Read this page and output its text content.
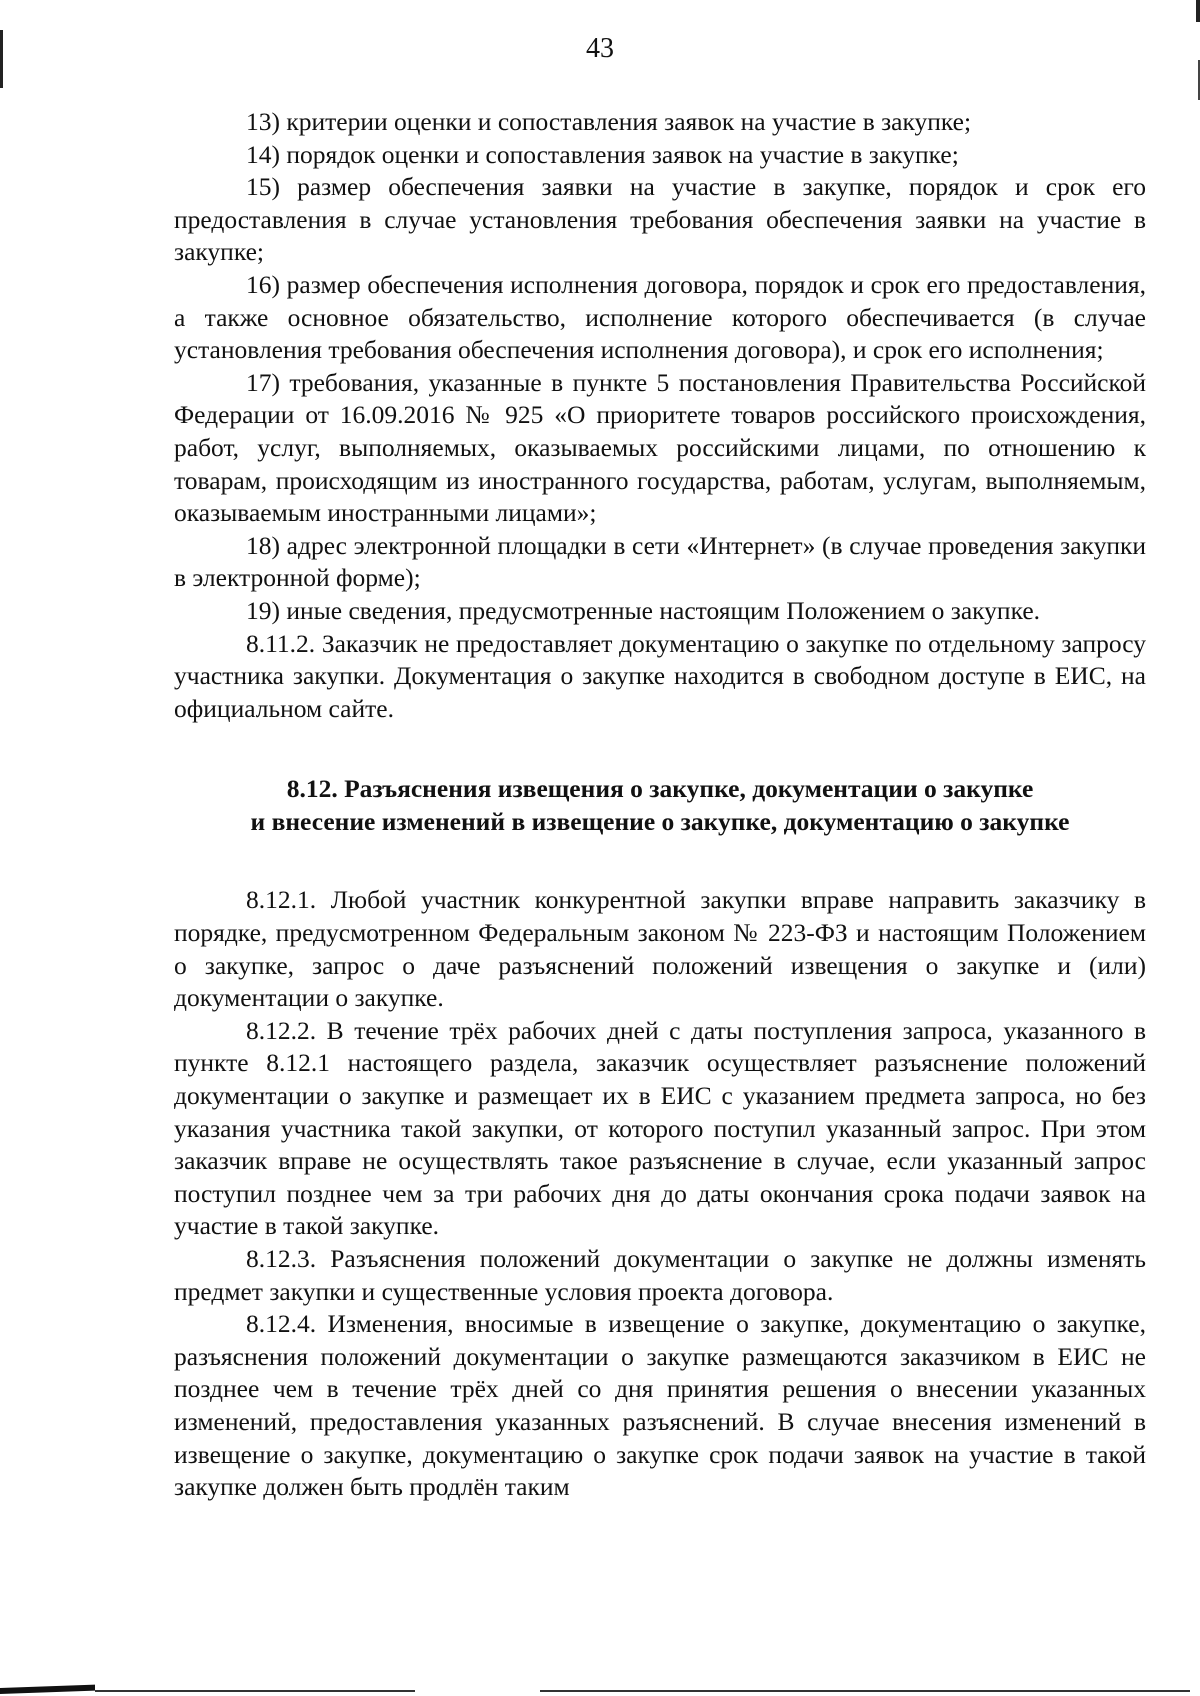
43

13) критерии оценки и сопоставления заявок на участие в закупке;

14) порядок оценки и сопоставления заявок на участие в закупке;

15) размер обеспечения заявки на участие в закупке, порядок и срок его предоставления в случае установления требования обеспечения заявки на участие в закупке;

16) размер обеспечения исполнения договора, порядок и срок его предоставления, а также основное обязательство, исполнение которого обеспечивается (в случае установления требования обеспечения исполнения договора), и срок его исполнения;

17) требования, указанные в пункте 5 постановления Правительства Российской Федерации от 16.09.2016 № 925 «О приоритете товаров российского происхождения, работ, услуг, выполняемых, оказываемых российскими лицами, по отношению к товарам, происходящим из иностранного государства, работам, услугам, выполняемым, оказываемым иностранными лицами»;

18) адрес электронной площадки в сети «Интернет» (в случае проведения закупки в электронной форме);

19) иные сведения, предусмотренные настоящим Положением о закупке.

8.11.2. Заказчик не предоставляет документацию о закупке по отдельному запросу участника закупки. Документация о закупке находится в свободном доступе в ЕИС, на официальном сайте.

8.12. Разъяснения извещения о закупке, документации о закупке
и внесение изменений в извещение о закупке, документацию о закупке

8.12.1. Любой участник конкурентной закупки вправе направить заказчику в порядке, предусмотренном Федеральным законом № 223-ФЗ и настоящим Положением о закупке, запрос о даче разъяснений положений извещения о закупке и (или) документации о закупке.

8.12.2. В течение трёх рабочих дней с даты поступления запроса, указанного в пункте 8.12.1 настоящего раздела, заказчик осуществляет разъяснение положений документации о закупке и размещает их в ЕИС с указанием предмета запроса, но без указания участника такой закупки, от которого поступил указанный запрос. При этом заказчик вправе не осуществлять такое разъяснение в случае, если указанный запрос поступил позднее чем за три рабочих дня до даты окончания срока подачи заявок на участие в такой закупке.

8.12.3. Разъяснения положений документации о закупке не должны изменять предмет закупки и существенные условия проекта договора.

8.12.4. Изменения, вносимые в извещение о закупке, документацию о закупке, разъяснения положений документации о закупке размещаются заказчиком в ЕИС не позднее чем в течение трёх дней со дня принятия решения о внесении указанных изменений, предоставления указанных разъяснений. В случае внесения изменений в извещение о закупке, документацию о закупке срок подачи заявок на участие в такой закупке должен быть продлён таким
